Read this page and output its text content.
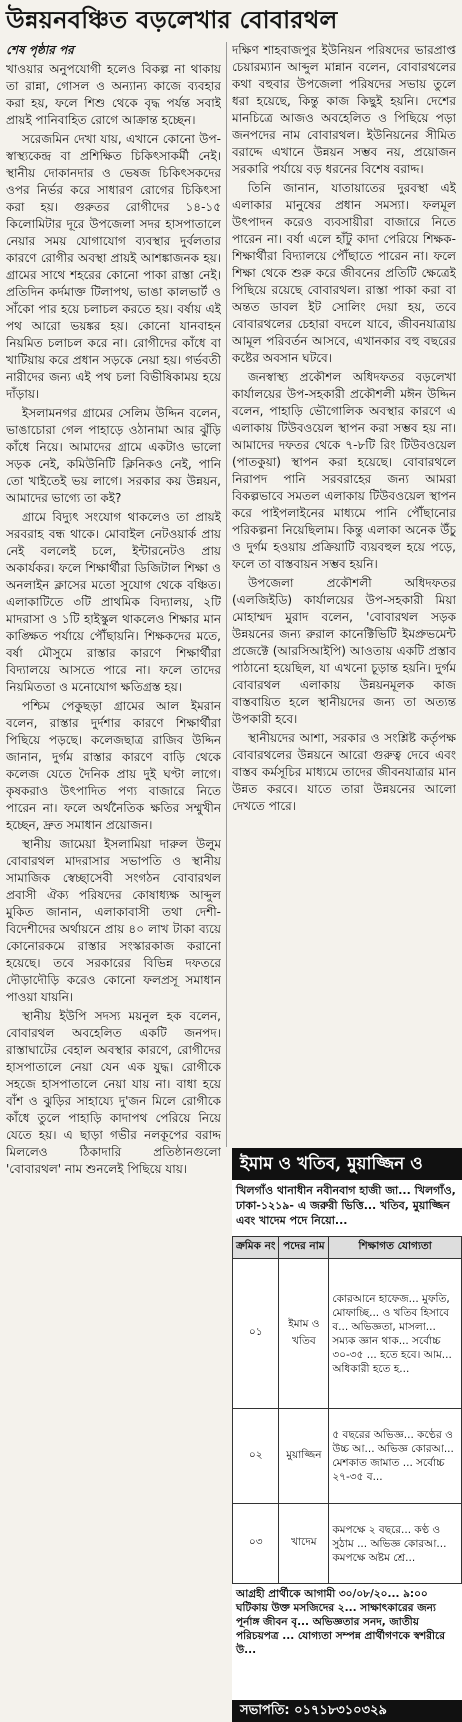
উন্নয়নবঞ্চিত বড়লেখার বোবারথল
শেষ পৃষ্ঠার পর

খাওয়ার অনুপযোগী হলেও বিকল্প না থাকায় তা রান্না, গোসল ও অন্যান্য কাজে ব্যবহার করা হয়, ফলে শিশু থেকে বৃদ্ধ পর্যন্ত সবাই প্রায়ই পানিবাহিত রোগে আক্রান্ত হচ্ছেন।

সরেজমিন দেখা যায়, এখানে কোনো উপ-স্বাস্থ্যকেন্দ্র বা প্রশিক্ষিত চিকিৎসাকর্মী নেই। স্থানীয় দোকানদার ও ভেষজ চিকিৎসকদের ওপর নির্ভর করে সাধারণ রোগের চিকিৎসা করা হয়। গুরুতর রোগীদের ১৪-১৫ কিলোমিটার দূরে উপজেলা সদর হাসপাতালে নেয়ার সময় যোগাযোগ ব্যবস্থার দুর্বলতার কারণে রোগীর অবস্থা প্রায়ই আশঙ্কাজনক হয়। গ্রামের সাথে শহরের কোনো পাকা রাস্তা নেই। প্রতিদিন কর্দমাক্ত টিলাপথ, ভাঙা কালভার্ট ও সাঁকো পার হয়ে চলাচল করতে হয়। বর্ষায় এই পথ আরো ভয়ঙ্কর হয়। কোনো যানবাহন নিয়মিত চলাচল করে না। রোগীদের কাঁধে বা খাটিয়ায় করে প্রধান সড়কে নেয়া হয়। গর্ভবতী নারীদের জন্য এই পথ চলা বিভীষিকাময় হয়ে দাঁড়ায়।

ইসলামনগর গ্রামের সেলিম উদ্দিন বলেন, ভাঙাচোরা গেল পাহাড়ে ওঠানামা আর ঝুঁড়ি কাঁধে নিয়ে। আমাদের গ্রামে একটাও ভালো সড়ক নেই, কমিউনিটি ক্লিনিকও নেই, পানি তো খাইতেই ভয় লাগে। সরকার কয় উন্নয়ন, আমাদের ভাগ্যে তা কই?

গ্রামে বিদ্যুৎ সংযোগ থাকলেও তা প্রায়ই সরবরাহ বন্ধ থাকে। মোবাইল নেটওয়ার্ক প্রায় নেই বললেই চলে, ইন্টারনেটও প্রায় অকার্যকর। ফলে শিক্ষার্থীরা ডিজিটাল শিক্ষা ও অনলাইন ক্লাসের মতো সুযোগ থেকে বঞ্চিত। এলাকাটিতে ৩টি প্রাথমিক বিদ্যালয়, ২টি মাদরাসা ও ১টি হাইস্কুল থাকলেও শিক্ষার মান কাঙ্ক্ষিত পর্যায়ে পৌঁছায়নি। শিক্ষকদের মতে, বর্ষা মৌসুমে রাস্তার কারণে শিক্ষার্থীরা বিদ্যালয়ে আসতে পারে না। ফলে তাদের নিয়মিততা ও মনোযোগ ক্ষতিগ্রস্ত হয়।

পশ্চিম পেকুছড়া গ্রামের আল ইমরান বলেন, রাস্তার দুর্দশার কারণে শিক্ষার্থীরা পিছিয়ে পড়ছে। কলেজছাত্র রাজিব উদ্দিন জানান, দুর্গম রাস্তার কারণে বাড়ি থেকে কলেজ যেতে দৈনিক প্রায় দুই ঘণ্টা লাগে। কৃষকরাও উৎপাদিত পণ্য বাজারে নিতে পারেন না। ফলে অর্থনৈতিক ক্ষতির সম্মুখীন হচ্ছেন, দ্রুত সমাধান প্রয়োজন।

স্থানীয় জামেয়া ইসলামিয়া দারুল উলুম বোবারথল মাদরাসার সভাপতি ও স্থানীয় সামাজিক স্বেচ্ছাসেবী সংগঠন বোবারথল প্রবাসী ঐক্য পরিষদের কোষাধ্যক্ষ আব্দুল মুকিত জানান, এলাকাবাসী তথা দেশী-বিদেশীদের অর্থায়নে প্রায় ৪০ লাখ টাকা ব্যয়ে কোনোরকমে রাস্তার সংস্কারকাজ করানো হয়েছে। তবে সরকারের বিভিন্ন দফতরে দৌড়াদৌড়ি করেও কোনো ফলপ্রসূ সমাধান পাওয়া যায়নি।

স্থানীয় ইউপি সদস্য ময়নুল হক বলেন, বোবারথল অবহেলিত একটি জনপদ। রাস্তাঘাটের বেহাল অবস্থার কারণে, রোগীদের হাসপাতালে নেয়া যেন এক যুদ্ধ। রোগীকে সহজে হাসপাতালে নেয়া যায় না। বাধা হয়ে বাঁশ ও ঝুড়ির সাহায্যে দু'জন মিলে রোগীকে কাঁধে তুলে পাহাড়ি কাদাপথ পেরিয়ে নিয়ে যেতে হয়। এ ছাড়া গভীর নলকূপের বরাদ্দ মিললেও ঠিকাদারি প্রতিষ্ঠানগুলো 'বোবারথল' নাম শুনলেই পিছিয়ে যায়।

দক্ষিণ শাহবাজপুর ইউনিয়ন পরিষদের ভারপ্রাপ্ত চেয়ারম্যান আব্দুল মান্নান বলেন, বোবারথলের কথা বহুবার উপজেলা পরিষদের সভায় তুলে ধরা হয়েছে, কিন্তু কাজ কিছুই হয়নি। দেশের মানচিত্রে আজও অবহেলিত ও পিছিয়ে পড়া জনপদের নাম বোবারথল। ইউনিয়নের সীমিত বরাদ্দে এখানে উন্নয়ন সম্ভব নয়, প্রয়োজন সরকারি পর্যায়ে বড় ধরনের বিশেষ বরাদ্দ।

তিনি জানান, যাতায়াতের দুরবস্থা এই এলাকার মানুষের প্রধান সমস্যা। ফলমূল উৎপাদন করেও ব্যবসায়ীরা বাজারে নিতে পারেন না। বর্ষা এলে হাঁটু কাদা পেরিয়ে শিক্ষক-শিক্ষার্থীরা বিদ্যালয়ে পৌঁছাতে পারেন না। ফলে শিক্ষা থেকে শুরু করে জীবনের প্রতিটি ক্ষেত্রেই পিছিয়ে রয়েছে বোবারথল। রাস্তা পাকা করা বা অন্তত ডাবল ইট সোলিং দেয়া হয়, তবে বোবারথলের চেহারা বদলে যাবে, জীবনযাত্রায় আমূল পরিবর্তন আসবে, এখানকার বহু বছরের কষ্টের অবসান ঘটবে।

জনস্বাস্থ্য প্রকৌশল অধিদফতর বড়লেখা কার্যালয়ের উপ-সহকারী প্রকৌশলী মঈন উদ্দিন বলেন, পাহাড়ি ভৌগোলিক অবস্থার কারণে এ এলাকায় টিউবওয়েল স্থাপন করা সম্ভব হয় না। আমাদের দফতর থেকে ৭-৮টি রিং টিউবওয়েল (পাতকুয়া) স্থাপন করা হয়েছে। বোবারথলে নিরাপদ পানি সরবরাহের জন্য আমরা বিকল্পভাবে সমতল এলাকায় টিউবওয়েল স্থাপন করে পাইপলাইনের মাধ্যমে পানি পৌঁছানোর পরিকল্পনা নিয়েছিলাম। কিন্তু এলাকা অনেক উঁচু ও দুর্গম হওয়ায় প্রক্রিয়াটি ব্যয়বহুল হয়ে পড়ে, ফলে তা বাস্তবায়ন সম্ভব হয়নি।

উপজেলা প্রকৌশলী অধিদফতর (এলজিইডি) কার্যালয়ের উপ-সহকারী মিয়া মোহাম্মদ মুরাদ বলেন, 'বোবারথল সড়ক উন্নয়নের জন্য রুরাল কানেক্টিভিটি ইমপ্রুভমেন্ট প্রজেক্টে (আরসিআইপি) আওতায় একটি প্রস্তাব পাঠানো হয়েছিল, যা এখনো চূড়ান্ত হয়নি। দুর্গম বোবারথল এলাকায় উন্নয়নমূলক কাজ বাস্তবায়িত হলে স্থানীয়দের জন্য তা অত্যন্ত উপকারী হবে।

স্থানীয়দের আশা, সরকার ও সংশ্লিষ্ট কর্তৃপক্ষ বোবারথলের উন্নয়নে আরো গুরুত্ব দেবে এবং বাস্তব কর্মসূচির মাধ্যমে তাদের জীবনযাত্রার মান উন্নত করবে। যাতে তারা উন্নয়নের আলো দেখতে পারে।

ইমাম ও খতিব, মুয়াজ্জিন ও
খিলগাঁও থানাধীন নবীনবাগ হাজী জা... খিলগাঁও, ঢাকা-১২১৯- এ জরুরী ভিত্তি... খতিব, মুয়াজ্জিন এবং খাদেম পদে নিয়ো...
ক্রমিক নং	পদের নাম	শিক্ষাগত যোগ্যতা
০১	ইমাম ও খতিব	কোরআনে হাফেজ... মুফতি, মোফাচ্ছি... ও খতিব হিসাবে ব... অভিজ্ঞতা, মাসলা... সম্যক জ্ঞান থাক... সর্বোচ্চ ৩০-৩৫ ... হতে হবে। আম... অধিকারী হতে হ...
০২	মুয়াজ্জিন	৫ বছরের অভিজ্ঞ... কণ্ঠের ও উচ্চ আ... অভিজ্ঞ কোরআ... মেশকাত জামাত ... সর্বোচ্চ ২৭-৩৫ ব...
০৩	খাদেম	কমপক্ষে ২ বছরে... কণ্ঠ ও সুঠাম ... অভিজ্ঞ কোরআ... কমপক্ষে অষ্টম শ্রে...
আগ্রহী প্রার্থীকে আগামী ৩০/০৮/২০... ৯:০০ ঘটিকায় উক্ত মসজিদের ২... সাক্ষাৎকারের জন্য পূর্নাঙ্গ জীবন বৃ... অভিজ্ঞতার সনদ, জাতীয় পরিচয়পত্র ... যোগ্যতা সম্পন্ন প্রার্থীগণকে স্বশরীরে উ...
সভাপতি: ০১৭১৮৩১০৩২৯
